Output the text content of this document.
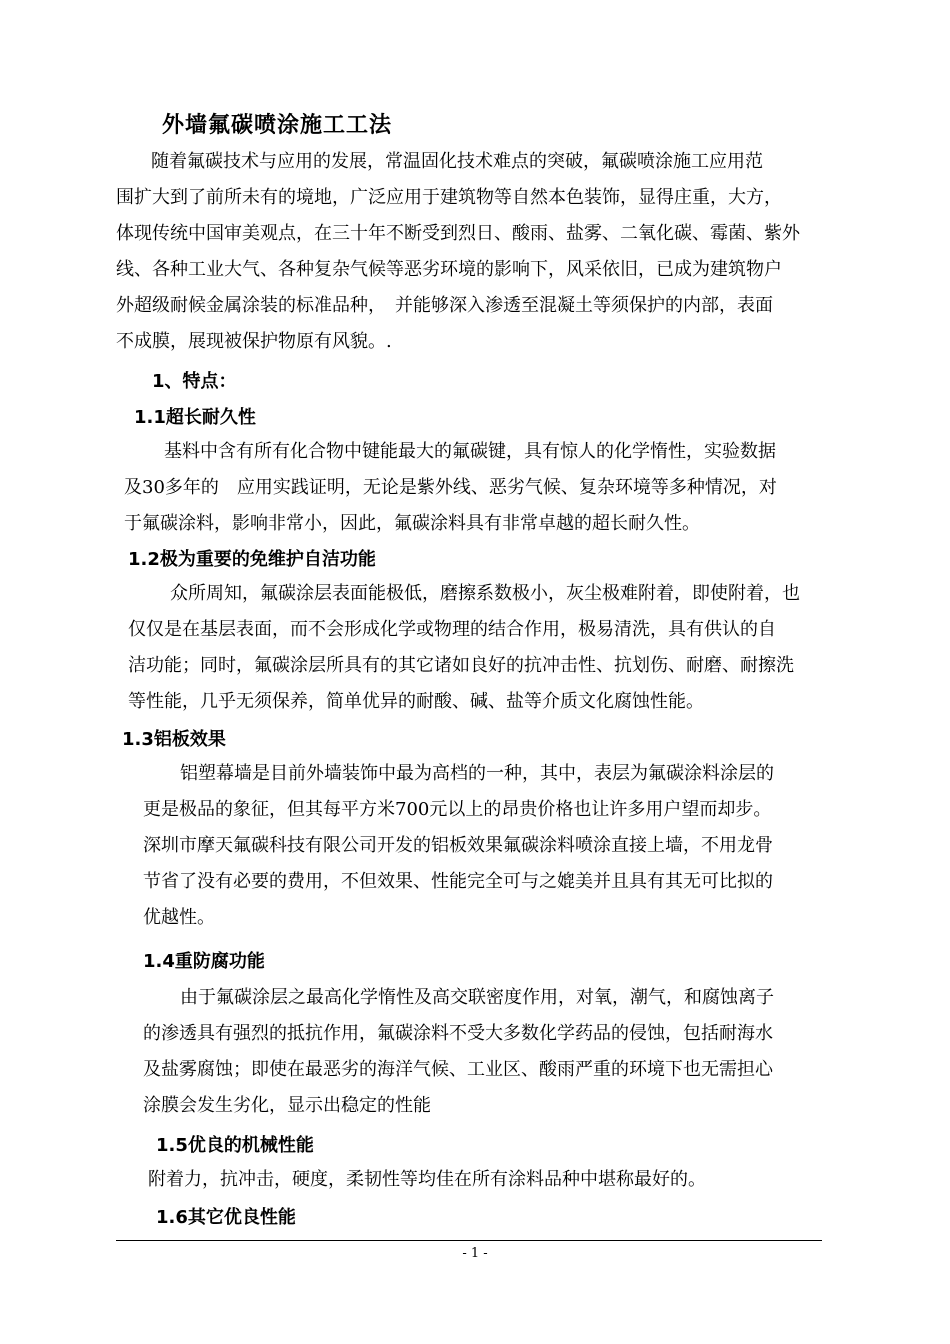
外墙氟碳喷涂施工工法
随着氟碳技术与应用的发展，常温固化技术难点的突破，氟碳喷涂施工应用范
围扩大到了前所未有的境地，广泛应用于建筑物等自然本色装饰，显得庄重，大方，
体现传统中国审美观点，在三十年不断受到烈日、酸雨、盐雾、二氧化碳、霉菌、紫外
线、各种工业大气、各种复杂气候等恶劣环境的影响下，风采依旧，已成为建筑物户
外超级耐候金属涂装的标准品种，　并能够深入渗透至混凝土等须保护的内部，表面
不成膜，展现被保护物原有风貌。.
1、特点：
1.1超长耐久性
基料中含有所有化合物中键能最大的氟碳键，具有惊人的化学惰性，实验数据
及30多年的　应用实践证明，无论是紫外线、恶劣气候、复杂环境等多种情况，对
于氟碳涂料，影响非常小，因此，氟碳涂料具有非常卓越的超长耐久性。
1.2极为重要的免维护自洁功能
众所周知，氟碳涂层表面能极低，磨擦系数极小，灰尘极难附着，即使附着，也
仅仅是在基层表面，而不会形成化学或物理的结合作用，极易清洗，具有供认的自
洁功能；同时，氟碳涂层所具有的其它诸如良好的抗冲击性、抗划伤、耐磨、耐擦洗
等性能，几乎无须保养，简单优异的耐酸、碱、盐等介质文化腐蚀性能。
1.3铝板效果
铝塑幕墙是目前外墙装饰中最为高档的一种，其中，表层为氟碳涂料涂层的
更是极品的象征，但其每平方米700元以上的昂贵价格也让许多用户望而却步。
深圳市摩天氟碳科技有限公司开发的铝板效果氟碳涂料喷涂直接上墙，不用龙骨
节省了没有必要的费用，不但效果、性能完全可与之媲美并且具有其无可比拟的
优越性。
1.4重防腐功能
由于氟碳涂层之最高化学惰性及高交联密度作用，对氧，潮气，和腐蚀离子
的渗透具有强烈的抵抗作用，氟碳涂料不受大多数化学药品的侵蚀，包括耐海水
及盐雾腐蚀；即使在最恶劣的海洋气候、工业区、酸雨严重的环境下也无需担心
涂膜会发生劣化，显示出稳定的性能
1.5优良的机械性能
附着力，抗冲击，硬度，柔韧性等均佳在所有涂料品种中堪称最好的。
1.6其它优良性能
- 1 -
